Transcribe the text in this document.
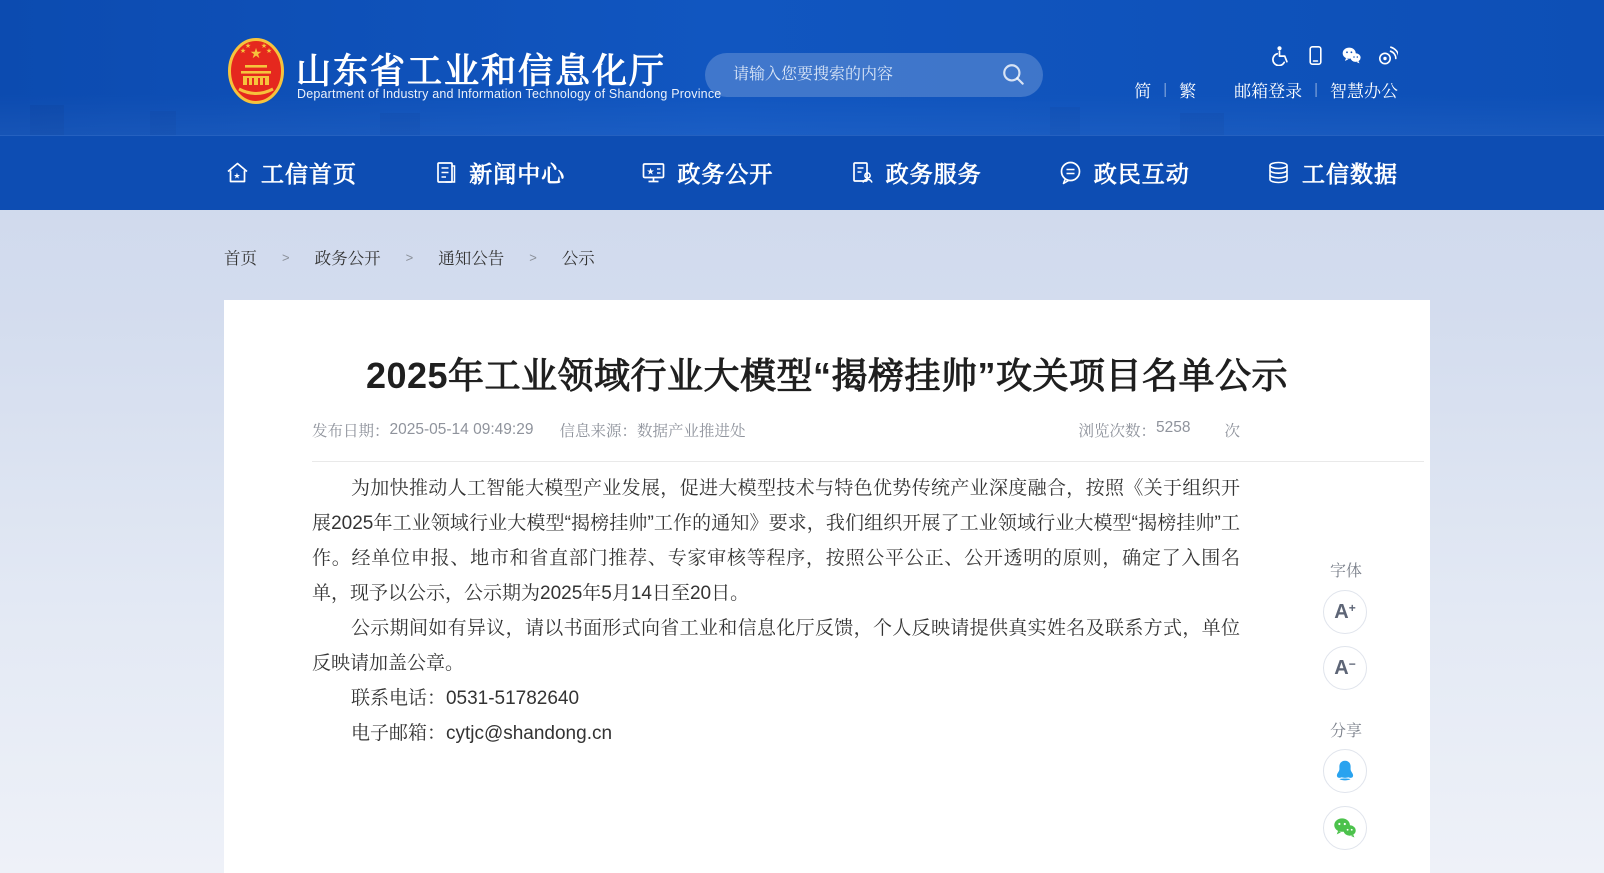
★
★
★ ★
★
山东省工业和信息化厅
Department of Industry and Information Technology of Shandong Province
请输入您要搜索的内容	简 | 繁 邮箱登录 | 智慧办公
★ 工信首页	新闻中心	★ 政务公开	政务服务	政民互动	工信数据
首页 > 政务公开 > 通知公告 > 公示
2025年工业领域行业大模型“揭榜挂帅”攻关项目名单公示
发布日期： 2025-05-14 09:49:29 信息来源： 数据产业推进处	浏览次数： 5258 次

为加快推动人工智能大模型产业发展，促进大模型技术与特色优势传统产业深度融合，按照《关于组织开展2025年工业领域行业大模型“揭榜挂帅”工作的通知》要求，我们组织开展了工业领域行业大模型“揭榜挂帅”工作。经单位申报、地市和省直部门推荐、专家审核等程序，按照公平公正、公开透明的原则，确定了入围名单，现予以公示，公示期为2025年5月14日至20日。

公示期间如有异议，请以书面形式向省工业和信息化厅反馈，个人反映请提供真实姓名及联系方式，单位反映请加盖公章。

联系电话：0531-51782640

电子邮箱：cytjc@shandong.cn

字体
A+
A−
分享
